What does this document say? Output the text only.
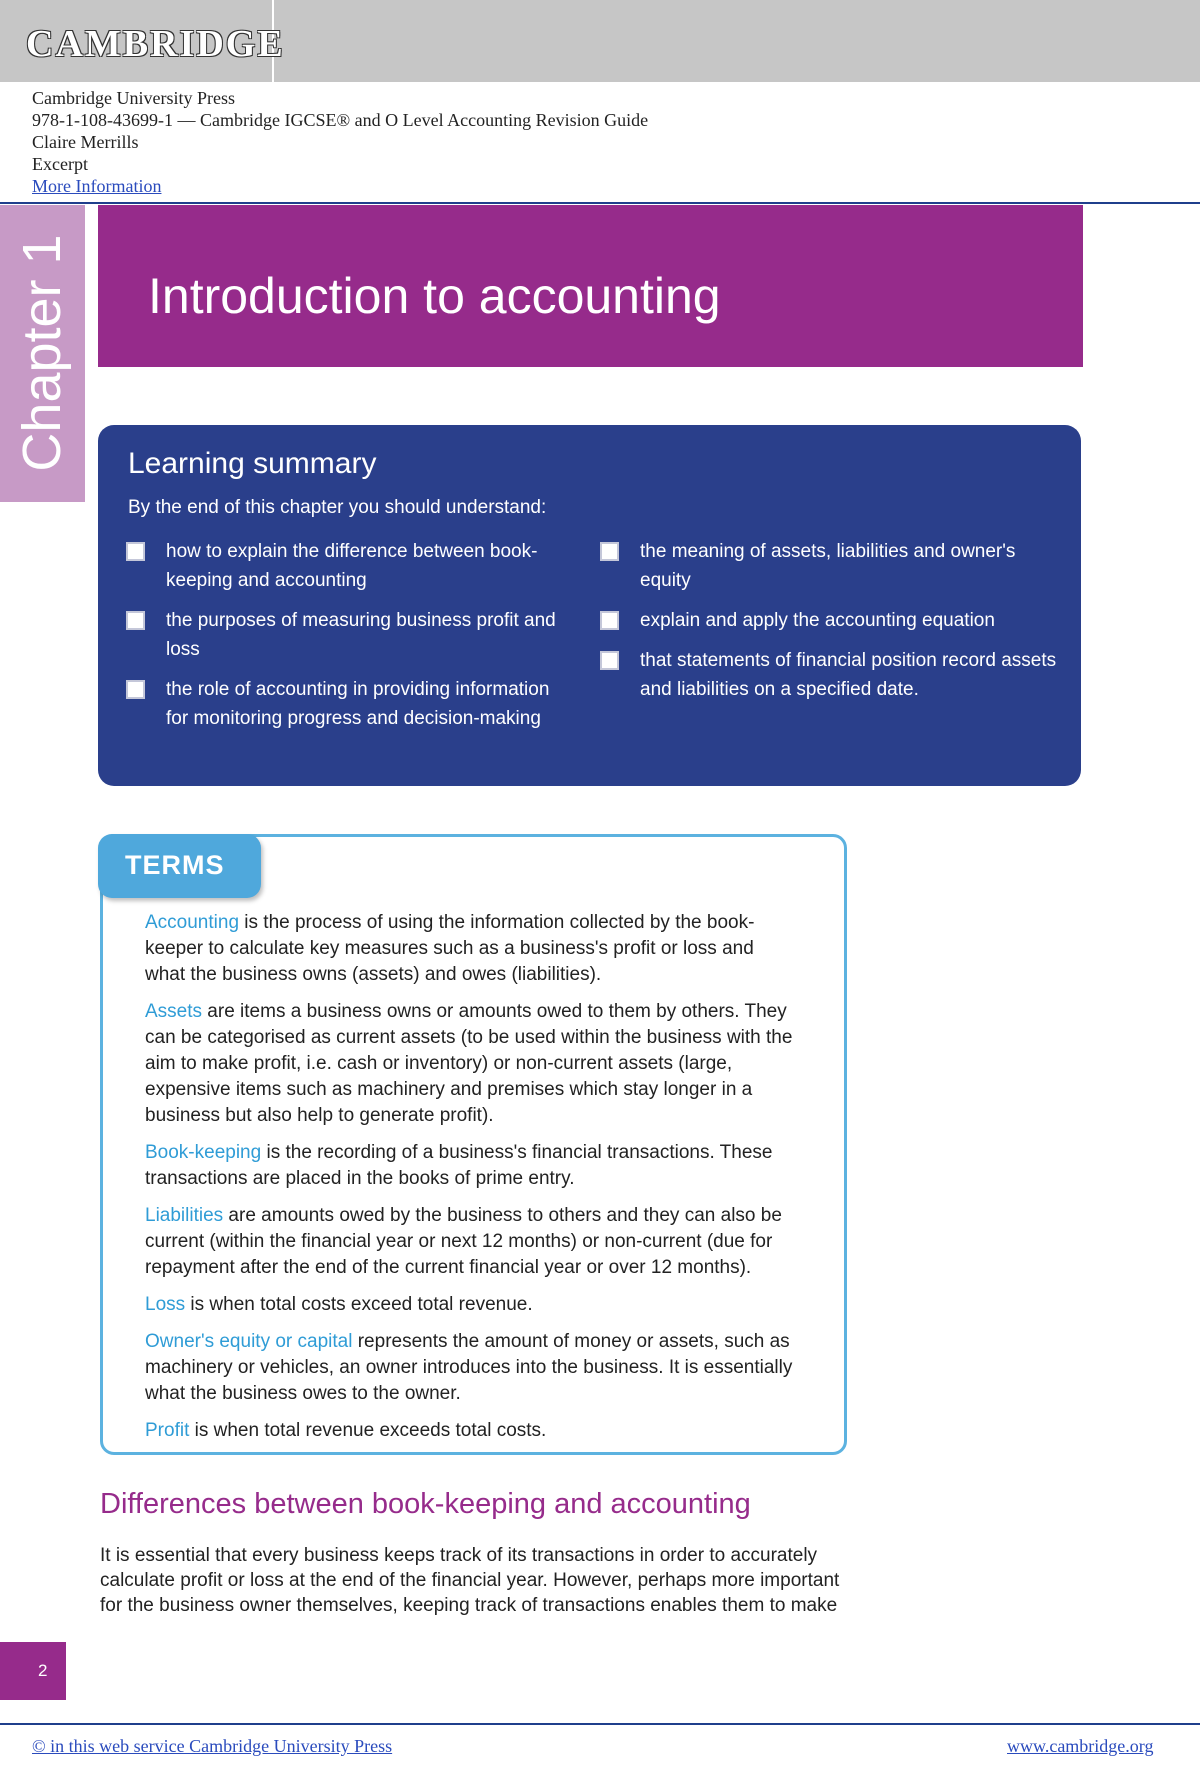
CAMBRIDGE
Cambridge University Press
978-1-108-43699-1 — Cambridge IGCSE® and O Level Accounting Revision Guide
Claire Merrills
Excerpt
More Information
Chapter 1 Introduction to accounting
Learning summary
By the end of this chapter you should understand:
how to explain the difference between book-keeping and accounting
the purposes of measuring business profit and loss
the role of accounting in providing information for monitoring progress and decision-making
the meaning of assets, liabilities and owner's equity
explain and apply the accounting equation
that statements of financial position record assets and liabilities on a specified date.
TERMS

Accounting is the process of using the information collected by the book-keeper to calculate key measures such as a business's profit or loss and what the business owns (assets) and owes (liabilities).

Assets are items a business owns or amounts owed to them by others. They can be categorised as current assets (to be used within the business with the aim to make profit, i.e. cash or inventory) or non-current assets (large, expensive items such as machinery and premises which stay longer in a business but also help to generate profit).

Book-keeping is the recording of a business's financial transactions. These transactions are placed in the books of prime entry.

Liabilities are amounts owed by the business to others and they can also be current (within the financial year or next 12 months) or non-current (due for repayment after the end of the current financial year or over 12 months).

Loss is when total costs exceed total revenue.

Owner's equity or capital represents the amount of money or assets, such as machinery or vehicles, an owner introduces into the business. It is essentially what the business owes to the owner.

Profit is when total revenue exceeds total costs.

Differences between book-keeping and accounting

It is essential that every business keeps track of its transactions in order to accurately calculate profit or loss at the end of the financial year. However, perhaps more important for the business owner themselves, keeping track of transactions enables them to make

2
© in this web service Cambridge University Press	www.cambridge.org
